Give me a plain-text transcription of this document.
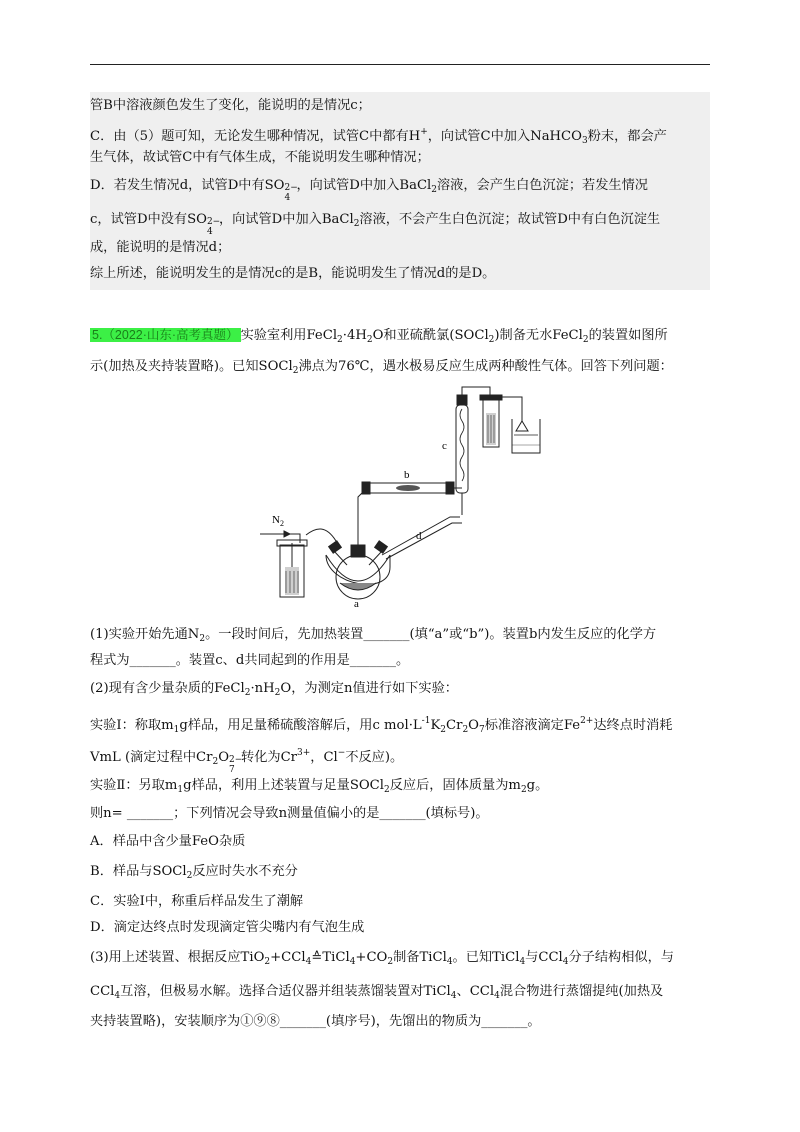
管B中溶液颜色发生了变化，能说明的是情况c；
C．由（5）题可知，无论发生哪种情况，试管C中都有H+，向试管C中加入NaHCO$_3$粉末，都会产
生气体，故试管C中有气体生成，不能说明发生哪种情况；
D．若发生情况d，试管D中有SO 2−
4
，向试管D中加入BaCl$_2$溶液，会产生白色沉淀；若发生情况
c，试管D中没有SO 2−
4
，向试管D中加入BaCl$_2$溶液，不会产生白色沉淀；故试管D中有白色沉淀生
成，能说明的是情况d；
综上所述，能说明发生的是情况c的是B，能说明发生了情况d的是D。
5.（2022·山东·高考真题） 实验室利用$FeCl_2\cdot 4H_2O$和亚硫酰氯(SOCl$_2$)制备无水FeCl$_2$的装置如图所
示(加热及夹持装置略)。已知SOCl$_2$沸点为76℃，遇水极易反应生成两种酸性气体。回答下列问题：
$N_2$
a
b
c
d
(1)实验开始先通$N_2$。一段时间后，先加热装置_______(填“a”或“b”)。装置b内发生反应的化学方
程式为_______。装置c、d共同起到的作用是_______。
(2)现有含少量杂质的$FeCl_2\cdot nH_2O$，为测定n值进行如下实验：
实验Ⅰ：称取$m_1g$样品，用足量稀硫酸溶解后，用c $mol\cdot L^{-1}K_2Cr_2O_7$标准溶液滴定$Fe^{2+}$达终点时消耗
VmL (滴定过程中$Cr_2O$ 2−
7
转化为$Cr^{3+}$，Cl−不反应)。
实验Ⅱ：另取$m_1g$样品，利用上述装置与足量SOCl$_2$反应后，固体质量为$m_2g$。
则n= _______；下列情况会导致n测量值偏小的是_______(填标号)。
A．样品中含少量FeO杂质
B．样品与SOCl$_2$反应时失水不充分
C．实验Ⅰ中，称重后样品发生了潮解
D．滴定达终点时发现滴定管尖嘴内有气泡生成
(3)用上述装置、根据反应$TiO_2+CCl_4≙TiCl_4+CO_2$制备TiCl$_4$。已知TiCl$_4$与CCl$_4$分子结构相似，与
CCl$_4$互溶，但极易水解。选择合适仪器并组装蒸馏装置对TiCl$_4$、CCl$_4$混合物进行蒸馏提纯(加热及
夹持装置略)，安装顺序为①⑨⑧_______(填序号)，先馏出的物质为_______。
